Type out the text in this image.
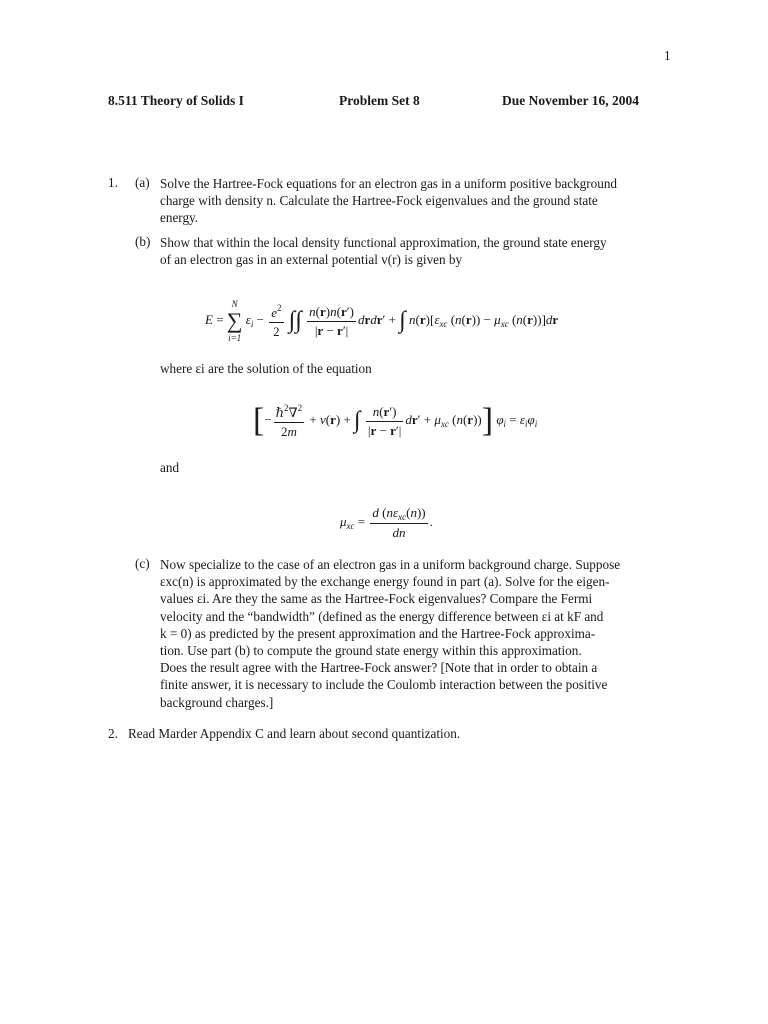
1
8.511 Theory of Solids I	Problem Set 8	Due November 16, 2004
1. (a) Solve the Hartree-Fock equations for an electron gas in a uniform positive background

charge with density n. Calculate the Hartree-Fock eigenvalues and the ground state

energy.

(b) Show that within the local density functional approximation, the ground state energy

of an electron gas in an external potential v(r) is given by

E =
N
∑
i=1
$\varepsilon_i - \frac{e^2}{2}$ ∫∫ $\frac{n(r)n(r')}{|r - r'|}$ drdr′ + ∫ $n(r)[\varepsilon_{xc}$ $(n(r)) - \mu_{xc}$ (n(r))]dr
where εi are the solution of the equation
[− $\frac{\hbar^2\nabla^2}{2m} + v(r)$ + ∫ $\frac{n(r')}{|r - r'|} dr' + \mu_{xc}$ (n(r))] $\varphi_i = \varepsilon_i\varphi_i$
and
$\mu_{xc} = \frac{d (n\varepsilon_{xc}(n))}{dn}$ .
(c) Now specialize to the case of an electron gas in a uniform background charge. Suppose

εxc(n) is approximated by the exchange energy found in part (a). Solve for the eigen-

values εi. Are they the same as the Hartree-Fock eigenvalues? Compare the Fermi

velocity and the “bandwidth” (defined as the energy difference between εi at kF and

k = 0) as predicted by the present approximation and the Hartree-Fock approxima-

tion. Use part (b) to compute the ground state energy within this approximation.

Does the result agree with the Hartree-Fock answer? [Note that in order to obtain a

finite answer, it is necessary to include the Coulomb interaction between the positive

background charges.]

2. Read Marder Appendix C and learn about second quantization.
